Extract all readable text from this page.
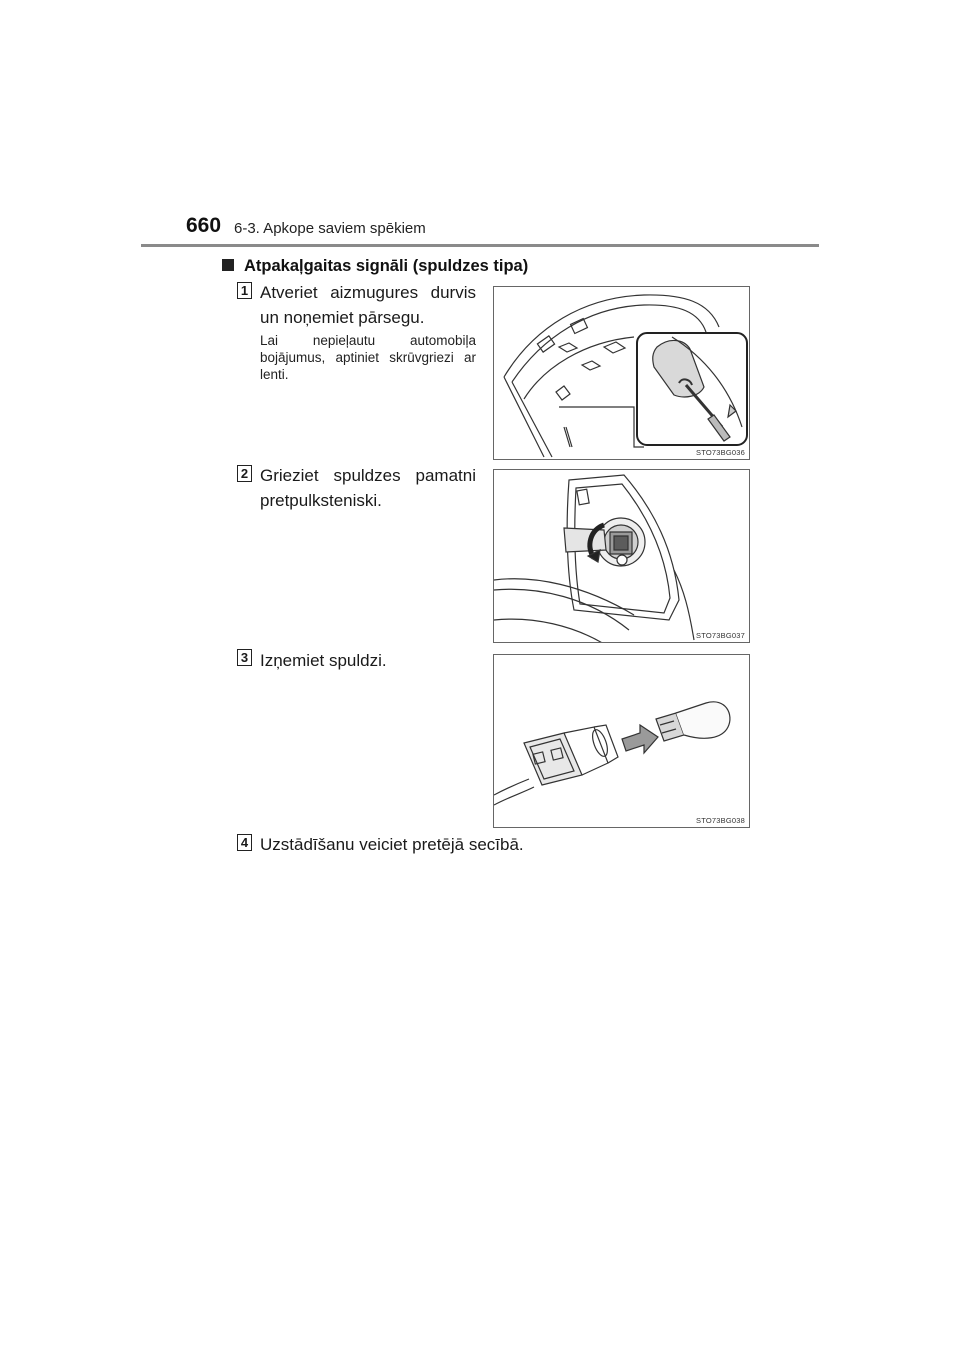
660 6-3. Apkope saviem spēkiem
Atpakaļgaitas signāli (spuldzes tipa)
1 Atveriet aizmugures durvis un noņemiet pārsegu.
Lai nepieļautu automobiļa bojājumus, aptiniet skrūvgriezi ar lenti.
STO73BG036
2 Grieziet spuldzes pamatni pretpulksteniski.
STO73BG037
3 Izņemiet spuldzi.
STO73BG038
4 Uzstādīšanu veiciet pretējā secībā.
